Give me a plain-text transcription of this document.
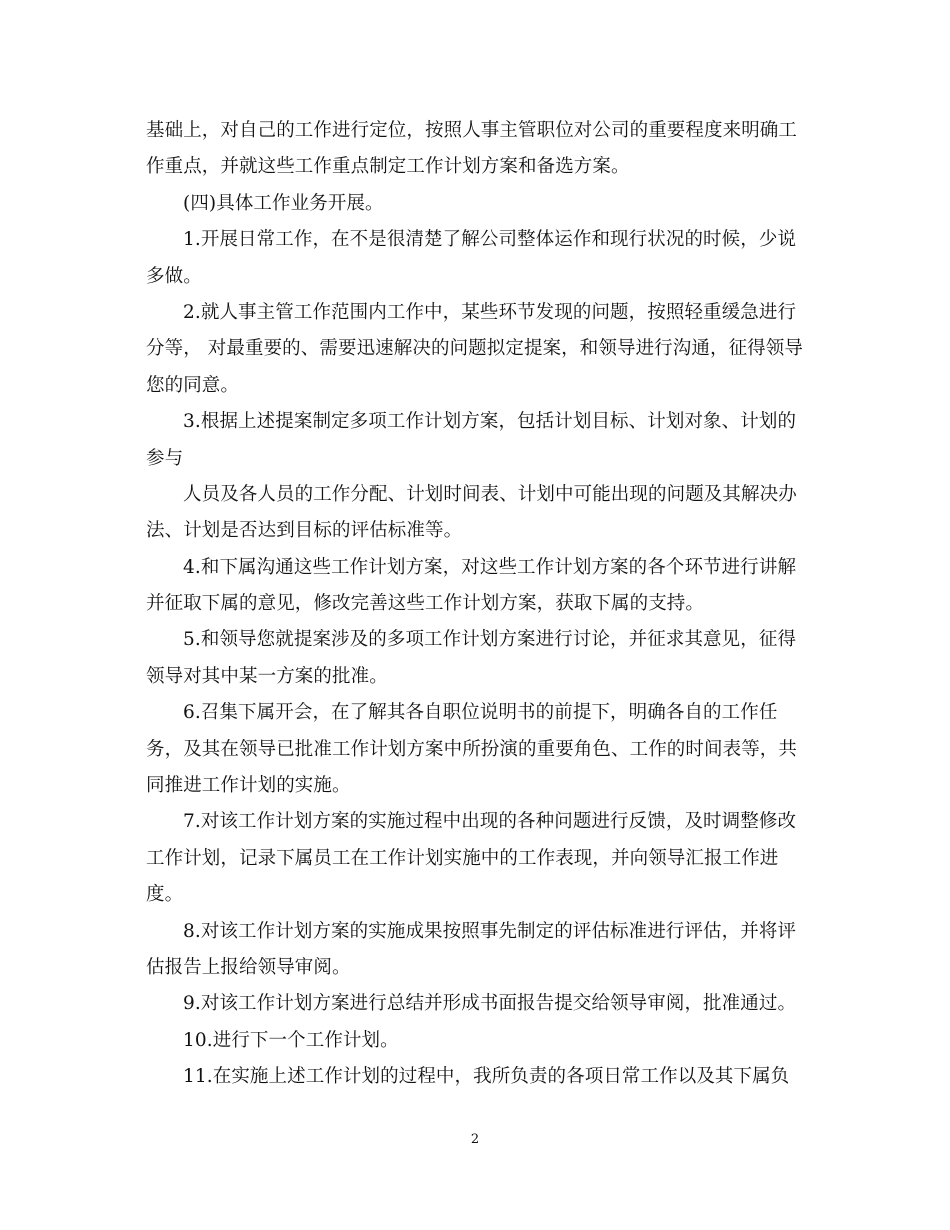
基础上，对自己的工作进行定位，按照人事主管职位对公司的重要程度来明确工
作重点，并就这些工作重点制定工作计划方案和备选方案。
(四)具体工作业务开展。
1.开展日常工作，在不是很清楚了解公司整体运作和现行状况的时候，少说
多做。
2.就人事主管工作范围内工作中，某些环节发现的问题，按照轻重缓急进行
分等， 对最重要的、需要迅速解决的问题拟定提案，和领导进行沟通，征得领导
您的同意。
3.根据上述提案制定多项工作计划方案，包括计划目标、计划对象、计划的
参与
人员及各人员的工作分配、计划时间表、计划中可能出现的问题及其解决办
法、计划是否达到目标的评估标准等。
4.和下属沟通这些工作计划方案，对这些工作计划方案的各个环节进行讲解
并征取下属的意见，修改完善这些工作计划方案，获取下属的支持。
5.和领导您就提案涉及的多项工作计划方案进行讨论，并征求其意见，征得
领导对其中某一方案的批准。
6.召集下属开会，在了解其各自职位说明书的前提下，明确各自的工作任
务，及其在领导已批准工作计划方案中所扮演的重要角色、工作的时间表等，共
同推进工作计划的实施。
7.对该工作计划方案的实施过程中出现的各种问题进行反馈，及时调整修改
工作计划，记录下属员工在工作计划实施中的工作表现，并向领导汇报工作进
度。
8.对该工作计划方案的实施成果按照事先制定的评估标准进行评估，并将评
估报告上报给领导审阅。
9.对该工作计划方案进行总结并形成书面报告提交给领导审阅，批准通过。
10.进行下一个工作计划。
11.在实施上述工作计划的过程中，我所负责的各项日常工作以及其下属负
2
